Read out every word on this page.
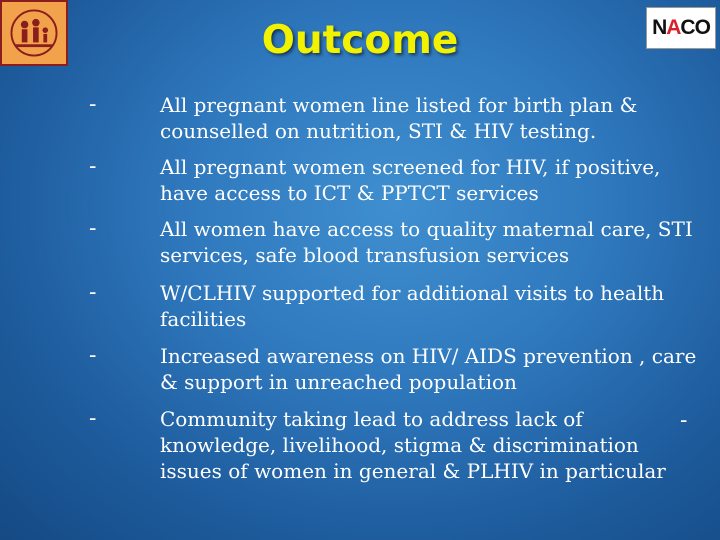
N A CO
Outcome
-	All pregnant women line listed for birth plan &
counselled on nutrition, STI & HIV testing.
-	All pregnant women screened for HIV, if positive,
have access to ICT & PPTCT services
-	All women have access to quality maternal care, STI
services, safe blood transfusion services
-	W/CLHIV supported for additional visits to health
facilities
-	Increased awareness on HIV/ AIDS prevention , care
& support in unreached population
-	Community taking lead to address lack of
knowledge, livelihood, stigma & discrimination
issues of women in general & PLHIV in particular
-
